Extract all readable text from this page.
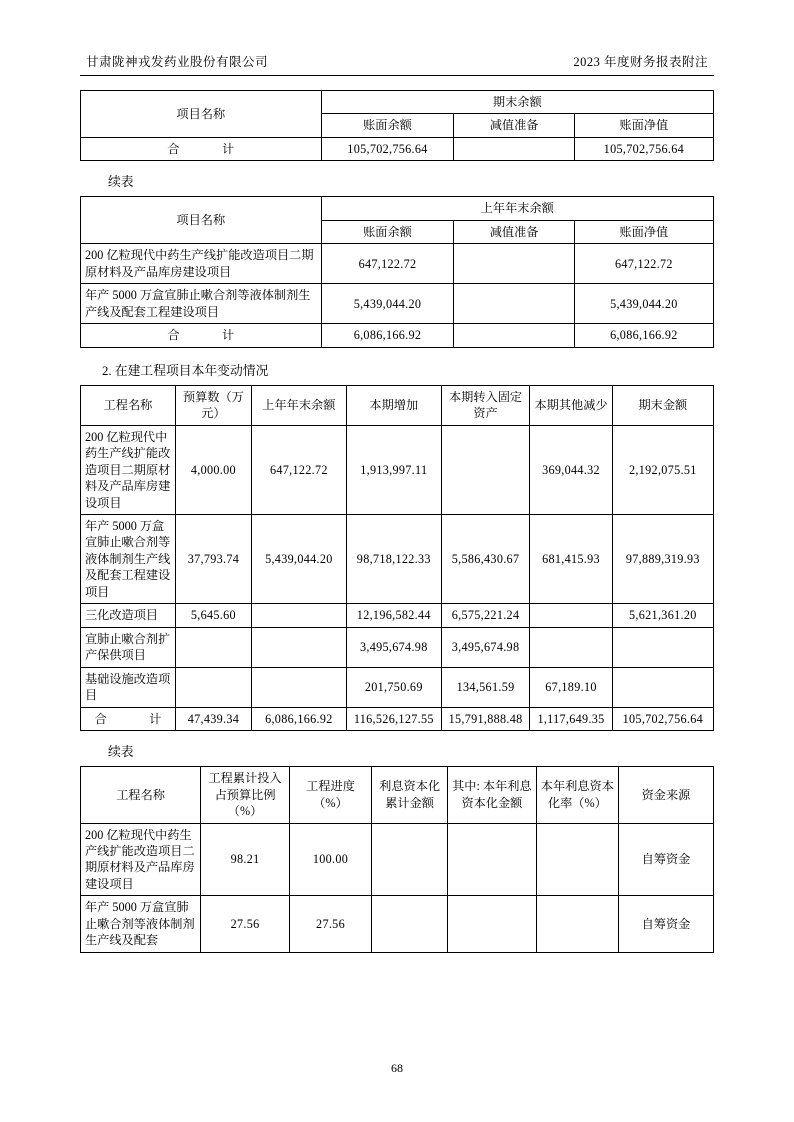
甘肃陇神戎发药业股份有限公司	2023 年度财务报表附注
项目名称	期末余额		
	账面余额	减值准备	账面净值
合　　计	105,702,756.64		105,702,756.64
续表
项目名称	上年年末余额		
	账面余额	减值准备	账面净值
200 亿粒现代中药生产线扩能改造项目二期原材料及产品库房建设项目	647,122.72		647,122.72
年产 5000 万盒宣肺止嗽合剂等液体制剂生产线及配套工程建设项目	5,439,044.20		5,439,044.20
合　　计	6,086,166.92		6,086,166.92
2. 在建工程项目本年变动情况
工程名称	预算数（万元）	上年年末余额	本期增加	本期转入固定资产	本期其他减少	期末金额
200 亿粒现代中药生产线扩能改造项目二期原材料及产品库房建设项目	4,000.00	647,122.72	1,913,997.11		369,044.32	2,192,075.51
年产 5000 万盒宣肺止嗽合剂等液体制剂生产线及配套工程建设项目	37,793.74	5,439,044.20	98,718,122.33	5,586,430.67	681,415.93	97,889,319.93
三化改造项目	5,645.60		12,196,582.44	6,575,221.24		5,621,361.20
宣肺止嗽合剂扩产保供项目			3,495,674.98	3,495,674.98		
基础设施改造项目			201,750.69	134,561.59	67,189.10	
合　　计	47,439.34	6,086,166.92	116,526,127.55	15,791,888.48	1,117,649.35	105,702,756.64
续表
工程名称	工程累计投入占预算比例（%）	工程进度（%）	利息资本化累计金额	其中: 本年利息资本化金额	本年利息资本化率（%）	资金来源
200 亿粒现代中药生产线扩能改造项目二期原材料及产品库房建设项目	98.21	100.00				自筹资金
年产 5000 万盒宣肺止嗽合剂等液体制剂生产线及配套	27.56	27.56				自筹资金
68
